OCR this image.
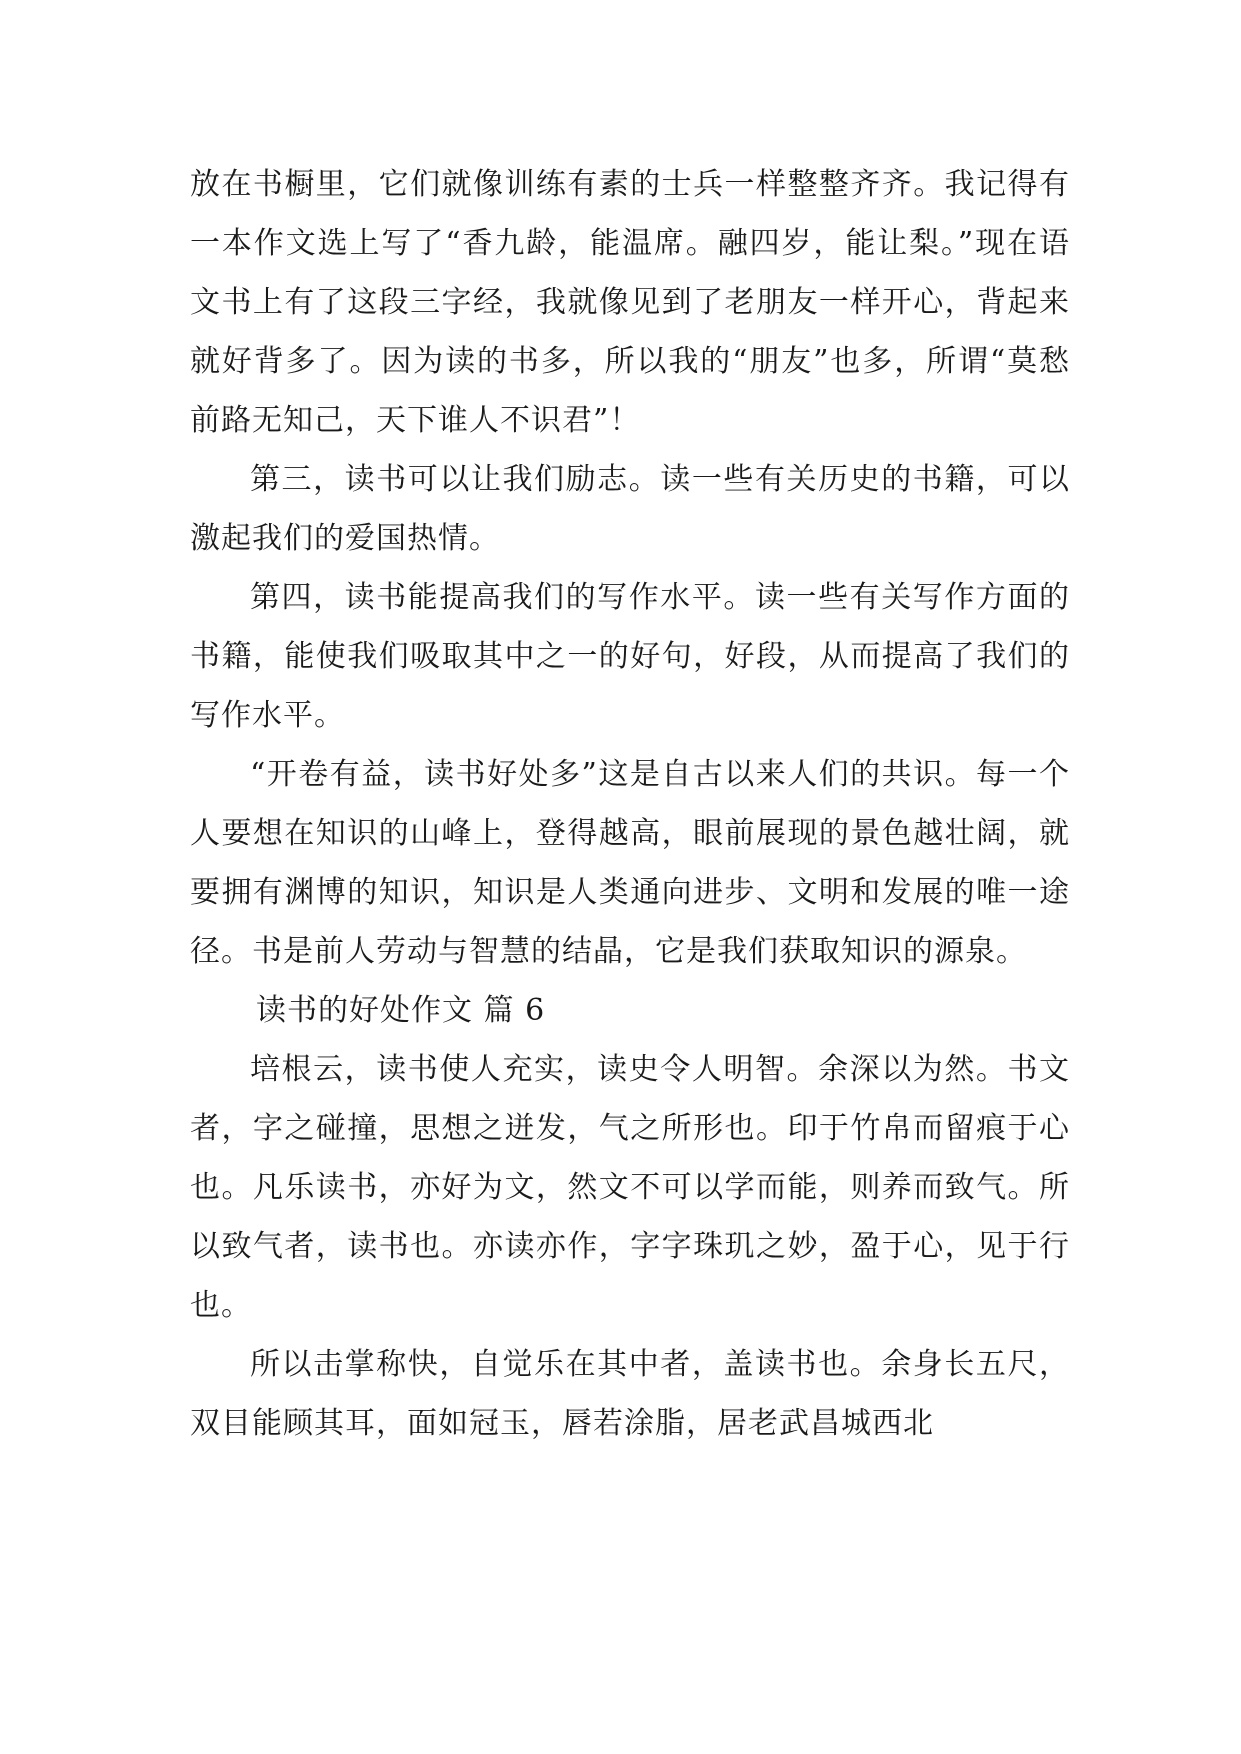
放在书橱里，它们就像训练有素的士兵一样整整齐齐。我记得有一本作文选上写了“香九龄，能温席。融四岁，能让梨。”现在语文书上有了这段三字经，我就像见到了老朋友一样开心，背起来就好背多了。因为读的书多，所以我的“朋友”也多，所谓“莫愁前路无知己，天下谁人不识君”！

第三，读书可以让我们励志。读一些有关历史的书籍，可以激起我们的爱国热情。

第四，读书能提高我们的写作水平。读一些有关写作方面的书籍，能使我们吸取其中之一的好句，好段，从而提高了我们的写作水平。

“开卷有益，读书好处多”这是自古以来人们的共识。每一个人要想在知识的山峰上，登得越高，眼前展现的景色越壮阔，就要拥有渊博的知识，知识是人类通向进步、文明和发展的唯一途径。书是前人劳动与智慧的结晶，它是我们获取知识的源泉。

读书的好处作文 篇 6

培根云，读书使人充实，读史令人明智。余深以为然。书文者，字之碰撞，思想之迸发，气之所形也。印于竹帛而留痕于心也。凡乐读书，亦好为文，然文不可以学而能，则养而致气。所以致气者，读书也。亦读亦作，字字珠玑之妙，盈于心，见于行也。

所以击掌称快，自觉乐在其中者，盖读书也。余身长五尺，双目能顾其耳，面如冠玉，唇若涂脂，居老武昌城西北
